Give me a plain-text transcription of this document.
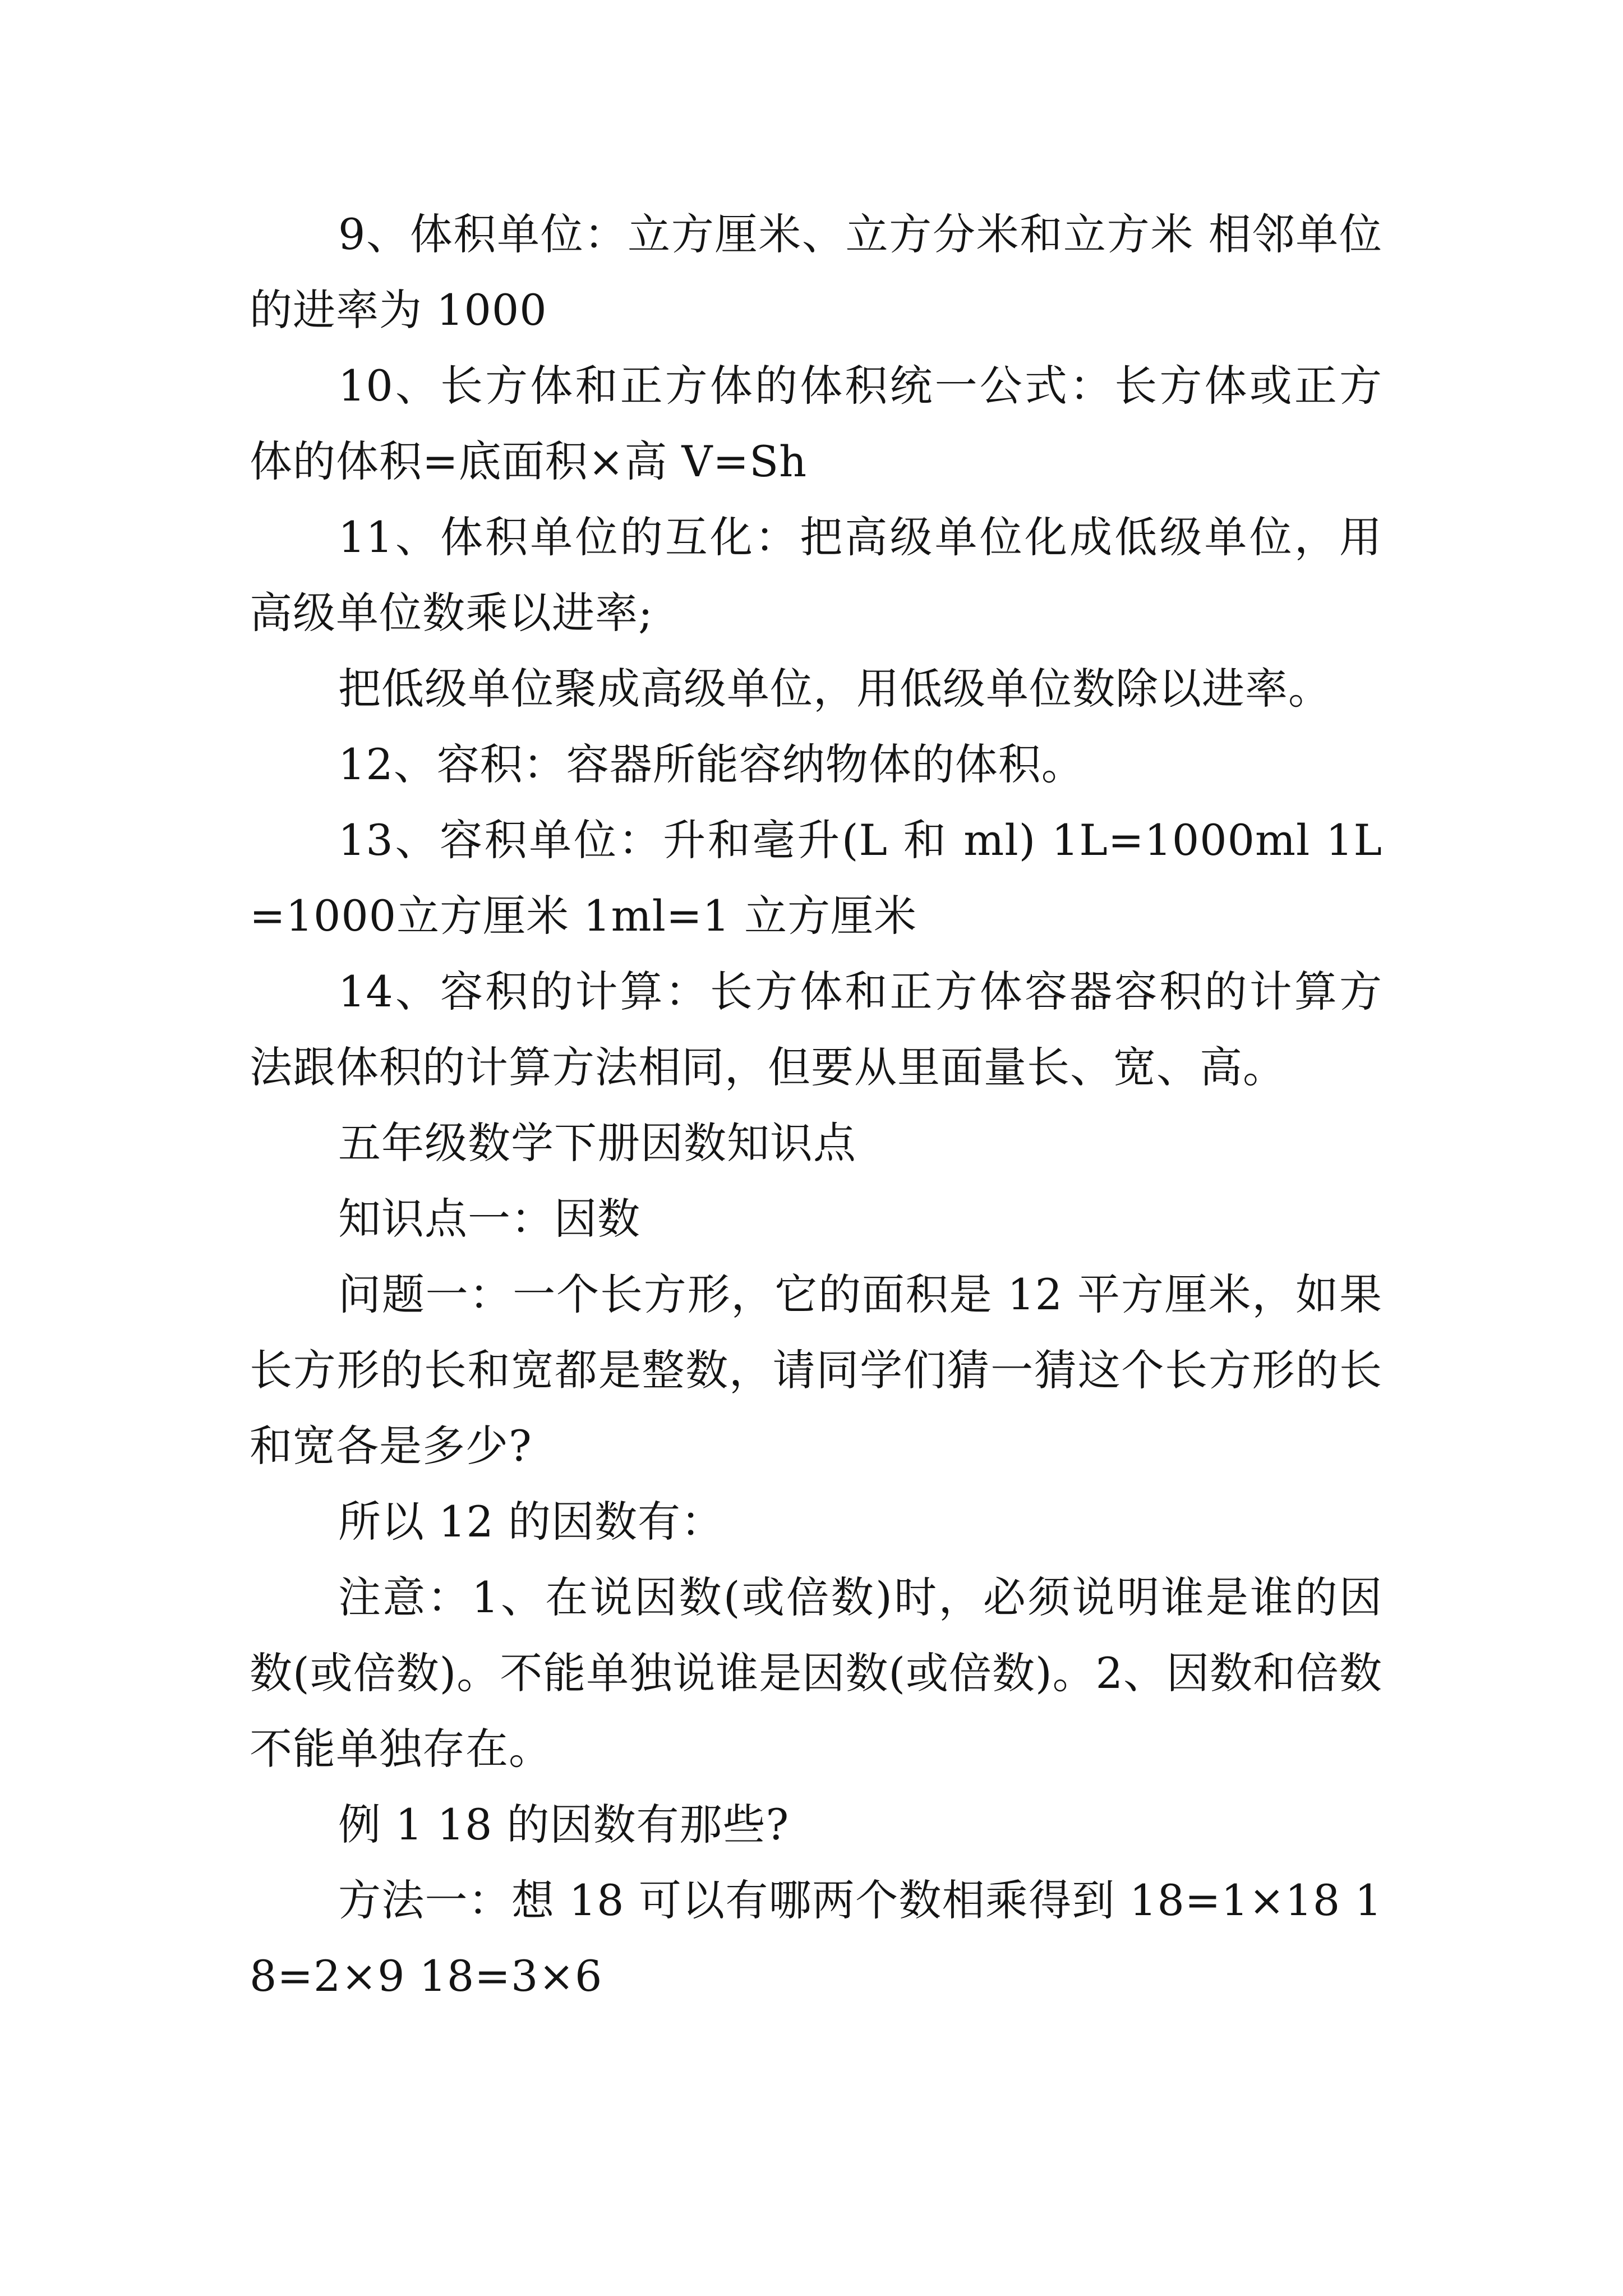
9、体积单位：立方厘米、立方分米和立方米 相邻单位的进率为 1000

10、长方体和正方体的体积统一公式：长方体或正方体的体积=底面积×高 V=Sh

11、体积单位的互化：把高级单位化成低级单位，用高级单位数乘以进率;

把低级单位聚成高级单位，用低级单位数除以进率。

12、容积：容器所能容纳物体的体积。

13、容积单位：升和毫升(L 和 ml) 1L=1000ml 1L=1000立方厘米 1ml=1 立方厘米

14、容积的计算：长方体和正方体容器容积的计算方法跟体积的计算方法相同，但要从里面量长、宽、高。

五年级数学下册因数知识点

知识点一：因数

问题一：一个长方形，它的面积是 12 平方厘米，如果长方形的长和宽都是整数，请同学们猜一猜这个长方形的长和宽各是多少?

所以 12 的因数有：

注意：1、在说因数(或倍数)时，必须说明谁是谁的因数(或倍数)。不能单独说谁是因数(或倍数)。2、因数和倍数不能单独存在。

例 1 18 的因数有那些?

方法一：想 18 可以有哪两个数相乘得到 18=1×18 18=2×9 18=3×6
